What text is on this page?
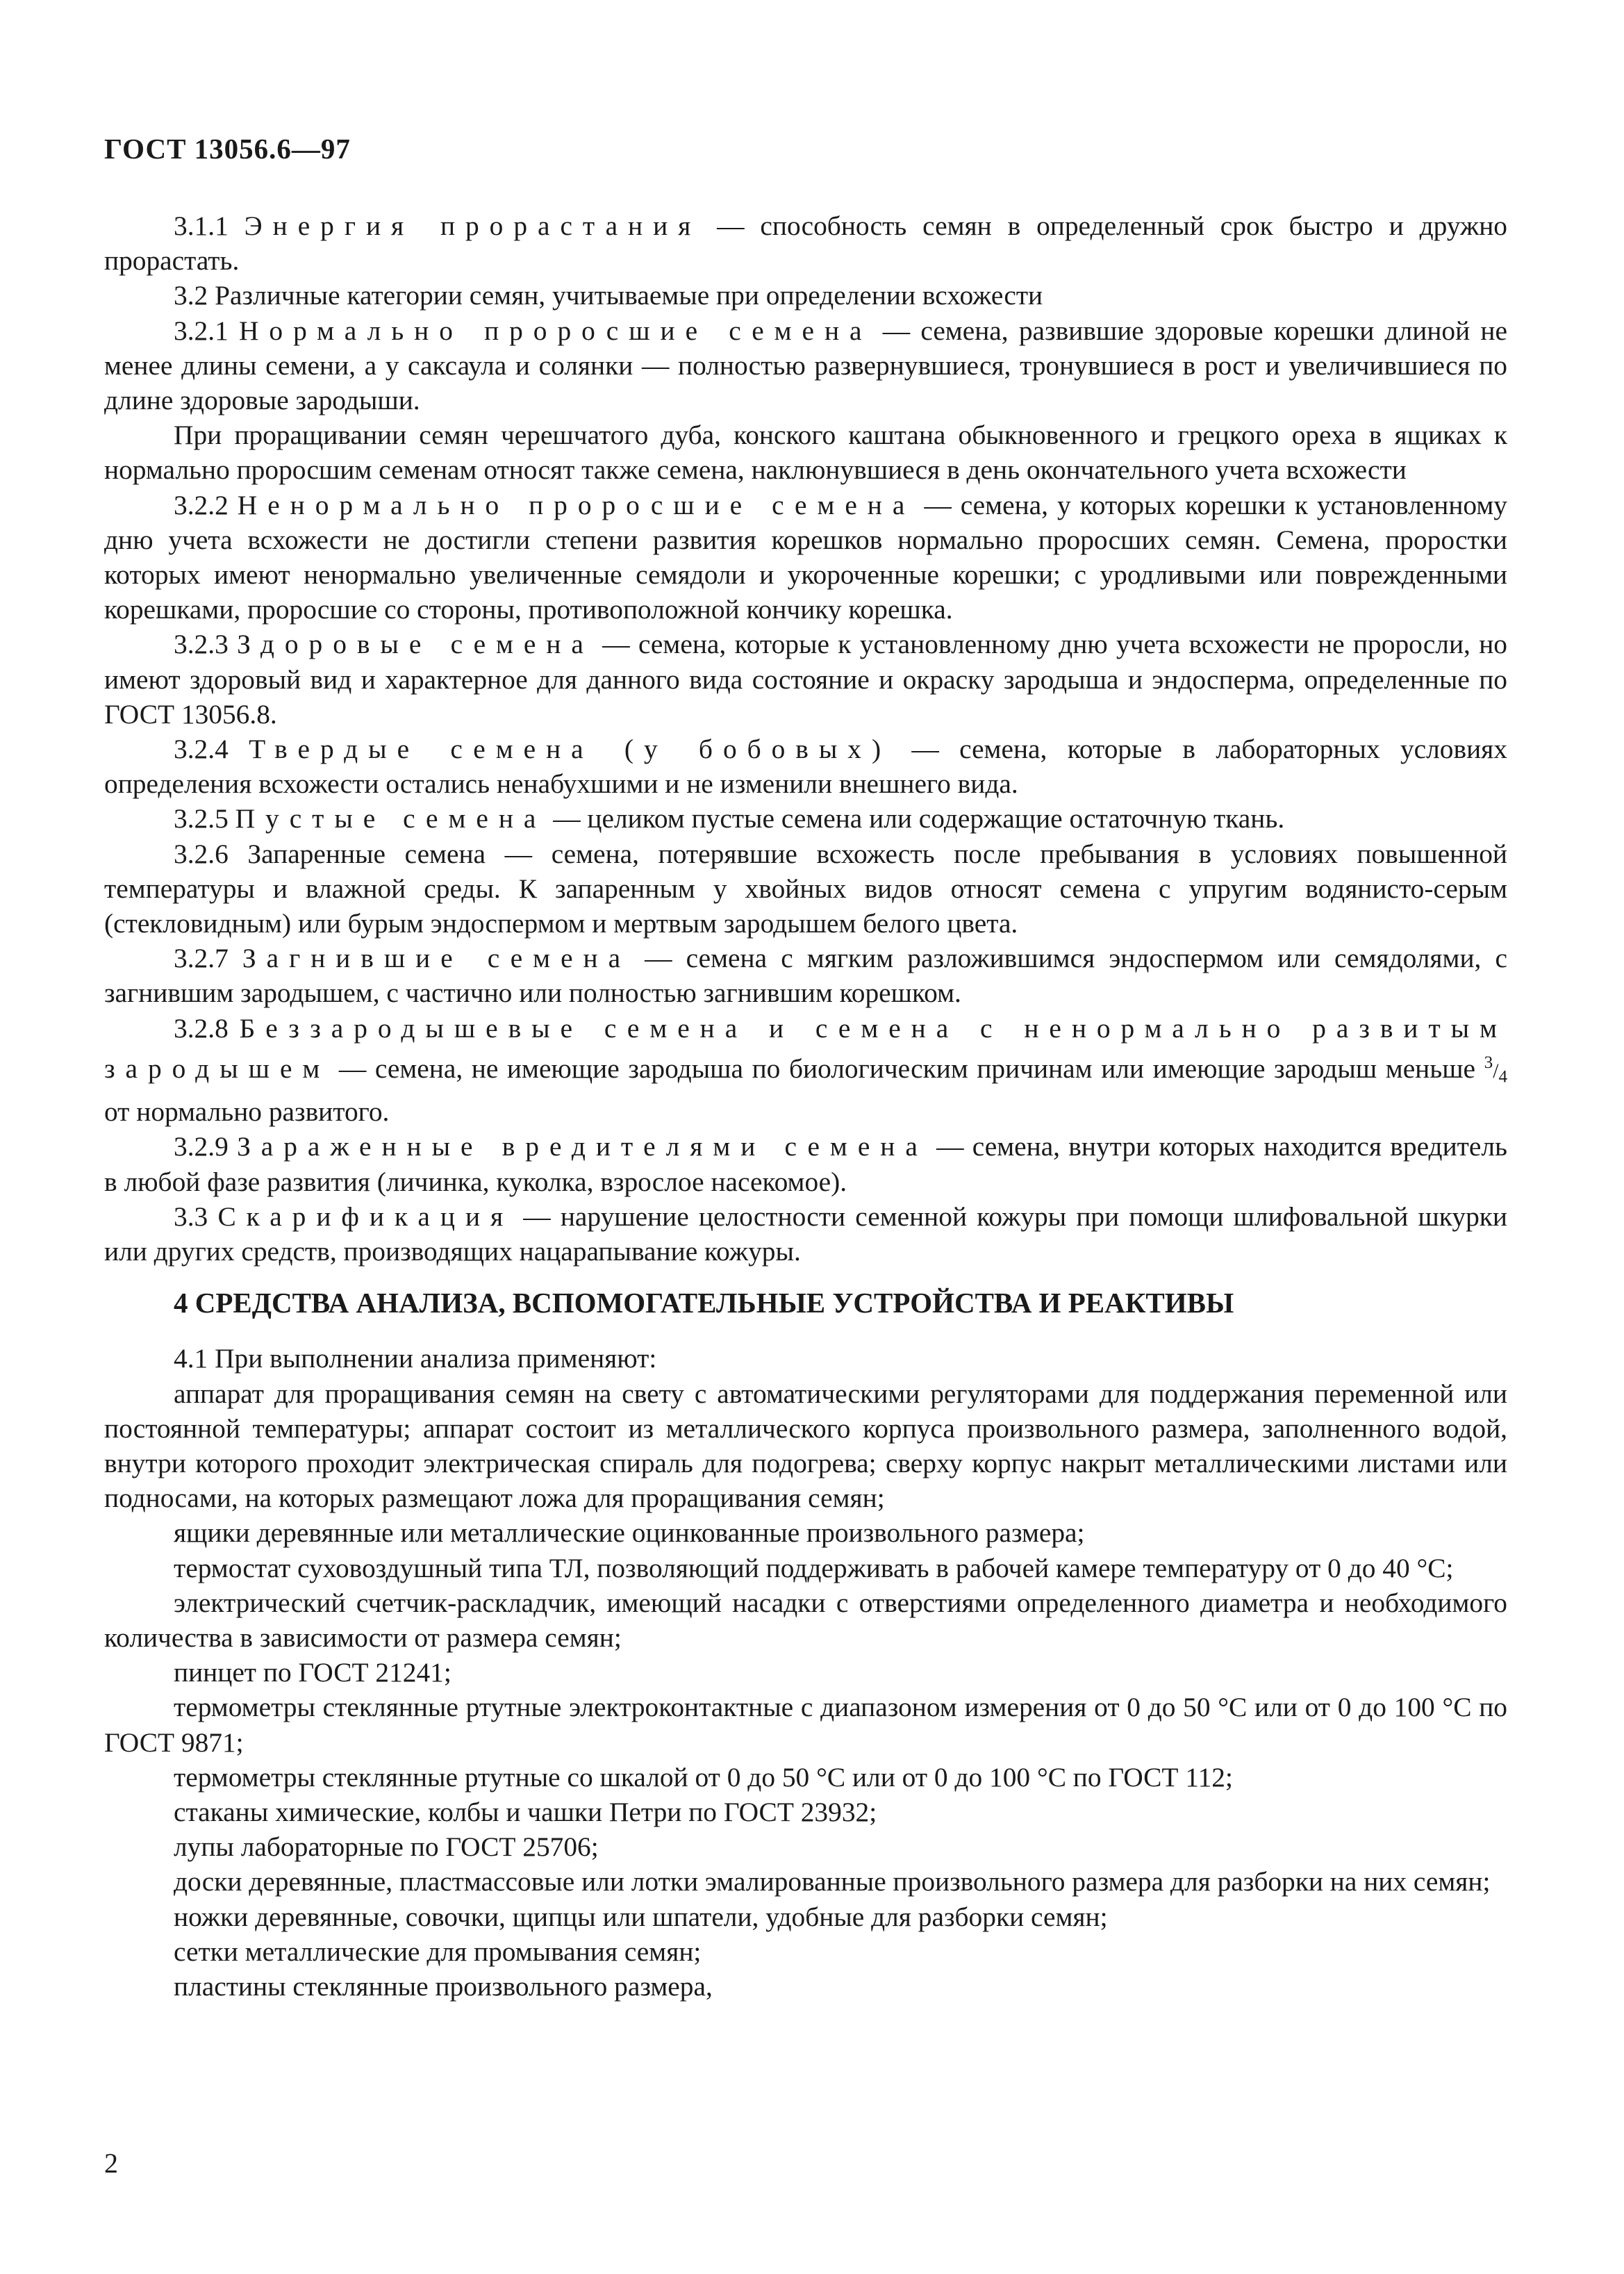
ГОСТ 13056.6—97

3.1.1 Энергия прорастания — способность семян в определенный срок быстро и дружно прорастать.

3.2 Различные категории семян, учитываемые при определении всхожести

3.2.1 Нормально проросшие семена — семена, развившие здоровые корешки длиной не менее длины семени, а у саксаула и солянки — полностью развернувшиеся, тронувшиеся в рост и увеличившиеся по длине здоровые зародыши.

При проращивании семян черешчатого дуба, конского каштана обыкновенного и грецкого ореха в ящиках к нормально проросшим семенам относят также семена, наклюнувшиеся в день окончательного учета всхожести

3.2.2 Ненормально проросшие семена — семена, у которых корешки к установленному дню учета всхожести не достигли степени развития корешков нормально проросших семян. Семена, проростки которых имеют ненормально увеличенные семядоли и укороченные корешки; с уродливыми или поврежденными корешками, проросшие со стороны, противоположной кончику корешка.

3.2.3 Здоровые семена — семена, которые к установленному дню учета всхожести не проросли, но имеют здоровый вид и характерное для данного вида состояние и окраску зародыша и эндосперма, определенные по ГОСТ 13056.8.

3.2.4 Твердые семена (у бобовых) — семена, которые в лабораторных условиях определения всхожести остались ненабухшими и не изменили внешнего вида.

3.2.5 Пустые семена — целиком пустые семена или содержащие остаточную ткань.

3.2.6 Запаренные семена — семена, потерявшие всхожесть после пребывания в условиях повышенной температуры и влажной среды. К запаренным у хвойных видов относят семена с упругим водянисто-серым (стекловидным) или бурым эндоспермом и мертвым зародышем белого цвета.

3.2.7 Загнившие семена — семена с мягким разложившимся эндоспермом или семядолями, с загнившим зародышем, с частично или полностью загнившим корешком.

3.2.8 Беззародышевые семена и семена с ненормально развитым зародышем — семена, не имеющие зародыша по биологическим причинам или имеющие зародыш меньше $^3/_4$ от нормально развитого.

3.2.9 Зараженные вредителями семена — семена, внутри которых находится вредитель в любой фазе развития (личинка, куколка, взрослое насекомое).

3.3 Скарификация — нарушение целостности семенной кожуры при помощи шлифовальной шкурки или других средств, производящих нацарапывание кожуры.

4 СРЕДСТВА АНАЛИЗА, ВСПОМОГАТЕЛЬНЫЕ УСТРОЙСТВА И РЕАКТИВЫ

4.1 При выполнении анализа применяют:

аппарат для проращивания семян на свету с автоматическими регуляторами для поддержания переменной или постоянной температуры; аппарат состоит из металлического корпуса произвольного размера, заполненного водой, внутри которого проходит электрическая спираль для подогрева; сверху корпус накрыт металлическими листами или подносами, на которых размещают ложа для проращивания семян;

ящики деревянные или металлические оцинкованные произвольного размера;

термостат суховоздушный типа ТЛ, позволяющий поддерживать в рабочей камере температуру от 0 до 40 °С;

электрический счетчик-раскладчик, имеющий насадки с отверстиями определенного диаметра и необходимого количества в зависимости от размера семян;

пинцет по ГОСТ 21241;

термометры стеклянные ртутные электроконтактные с диапазоном измерения от 0 до 50 °С или от 0 до 100 °С по ГОСТ 9871;

термометры стеклянные ртутные со шкалой от 0 до 50 °С или от 0 до 100 °С по ГОСТ 112;

стаканы химические, колбы и чашки Петри по ГОСТ 23932;

лупы лабораторные по ГОСТ 25706;

доски деревянные, пластмассовые или лотки эмалированные произвольного размера для разборки на них семян;

ножки деревянные, совочки, щипцы или шпатели, удобные для разборки семян;

сетки металлические для промывания семян;

пластины стеклянные произвольного размера,

2
